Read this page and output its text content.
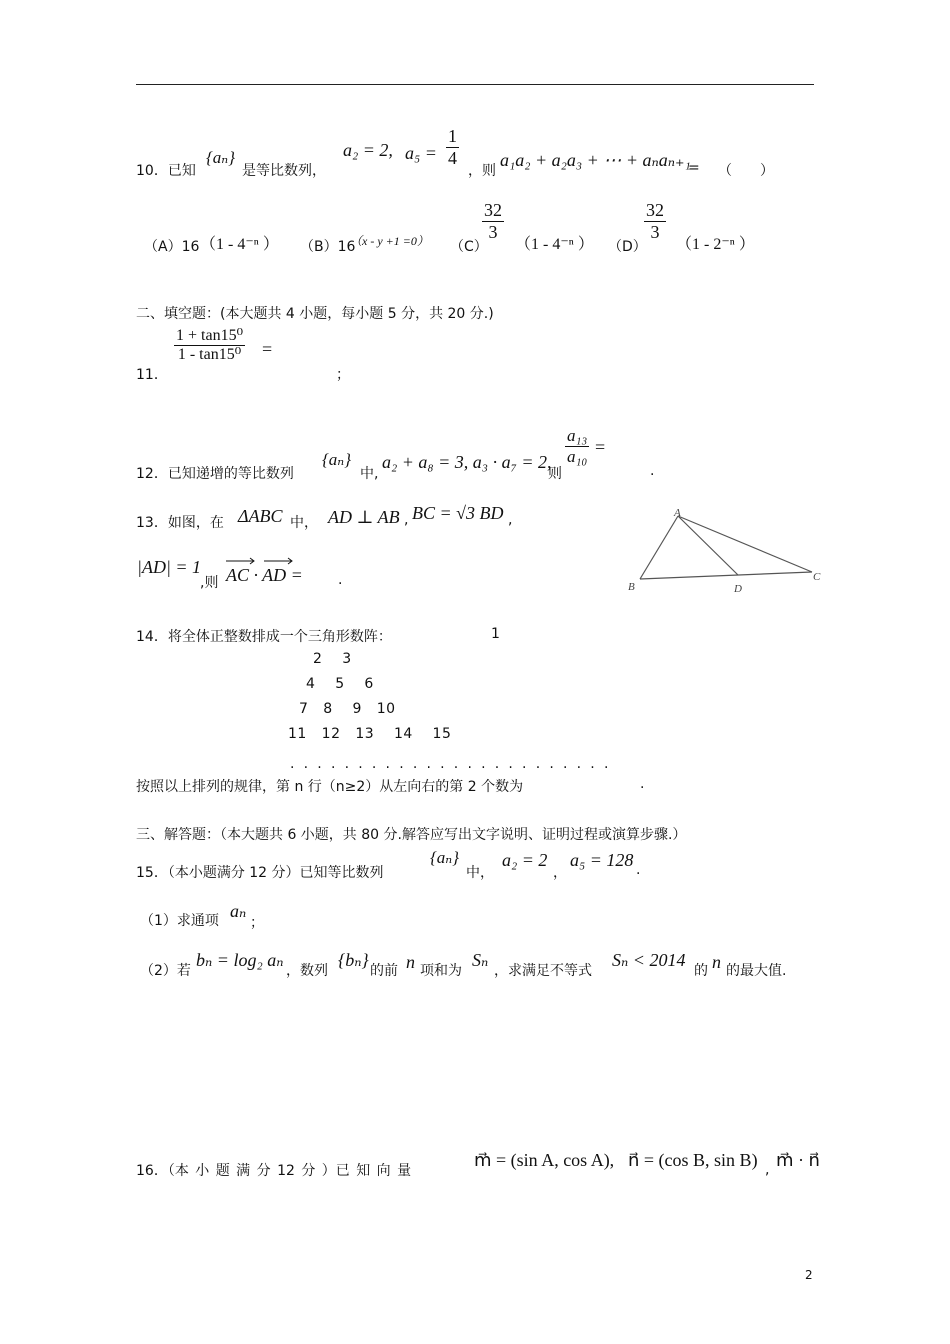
10．已知
{aₙ}
是等比数列，
a₂ = 2, $a_5 = \frac{1}{4}$
，则
a₁a₂ + a₂a₃ + ⋯ + aₙaₙ₊₁
= （　　）
（A）16 （1 - 4⁻ⁿ ） （B）16
（x - y +1 =0） （C）
$\frac{32}{3}$
（1 - 4⁻ⁿ ） （D）
$\frac{32}{3}$
（1 - 2⁻ⁿ ）
二、填空题：(本大题共 4 小题，每小题 5 分，共 20 分.)
$\frac{\text{1 + tan15⁰}}{\text{1 - tan15⁰}}$ =
11．	；
12．已知递增的等比数列
{aₙ}
中,
a₂ + a₈ = 3, a₃ · a₇ = 2,
则
$\frac{\text{a₁₃}}{\text{a₁₀}}$ =
.
13．如图，在 ΔABC 中， AD ⊥ AB , BC = √3 BD ,
|AD| = 1
,则 AC · AD =	.
A
B	D
C
14．将全体正整数排成一个三角形数阵：	1
2    3
4    5    6
7   8    9   10
11   12   13    14    15
........................
按照以上排列的规律，第 n 行（n≥2）从左向右的第 2 个数为	.
三、解答题：（本大题共 6 小题，共 80 分.解答应写出文字说明、证明过程或演算步骤.）
15．（本小题满分 12 分）已知等比数列
{aₙ}
中，
a₂ = 2
，
a₅ = 128 .
（1）求通项 aₙ
；
（2）若
bₙ = log₂ aₙ
，数列
{bₙ}
的前 n 项和为
Sₙ
，求满足不等式
Sₙ < 2014
的 n 的最大值.
16．（本 小 题 满 分 12 分 ）已 知 向 量
m⃗ = (sin A, cos A), n⃗ = (cos B, sin B) , m⃗ · n⃗
2
